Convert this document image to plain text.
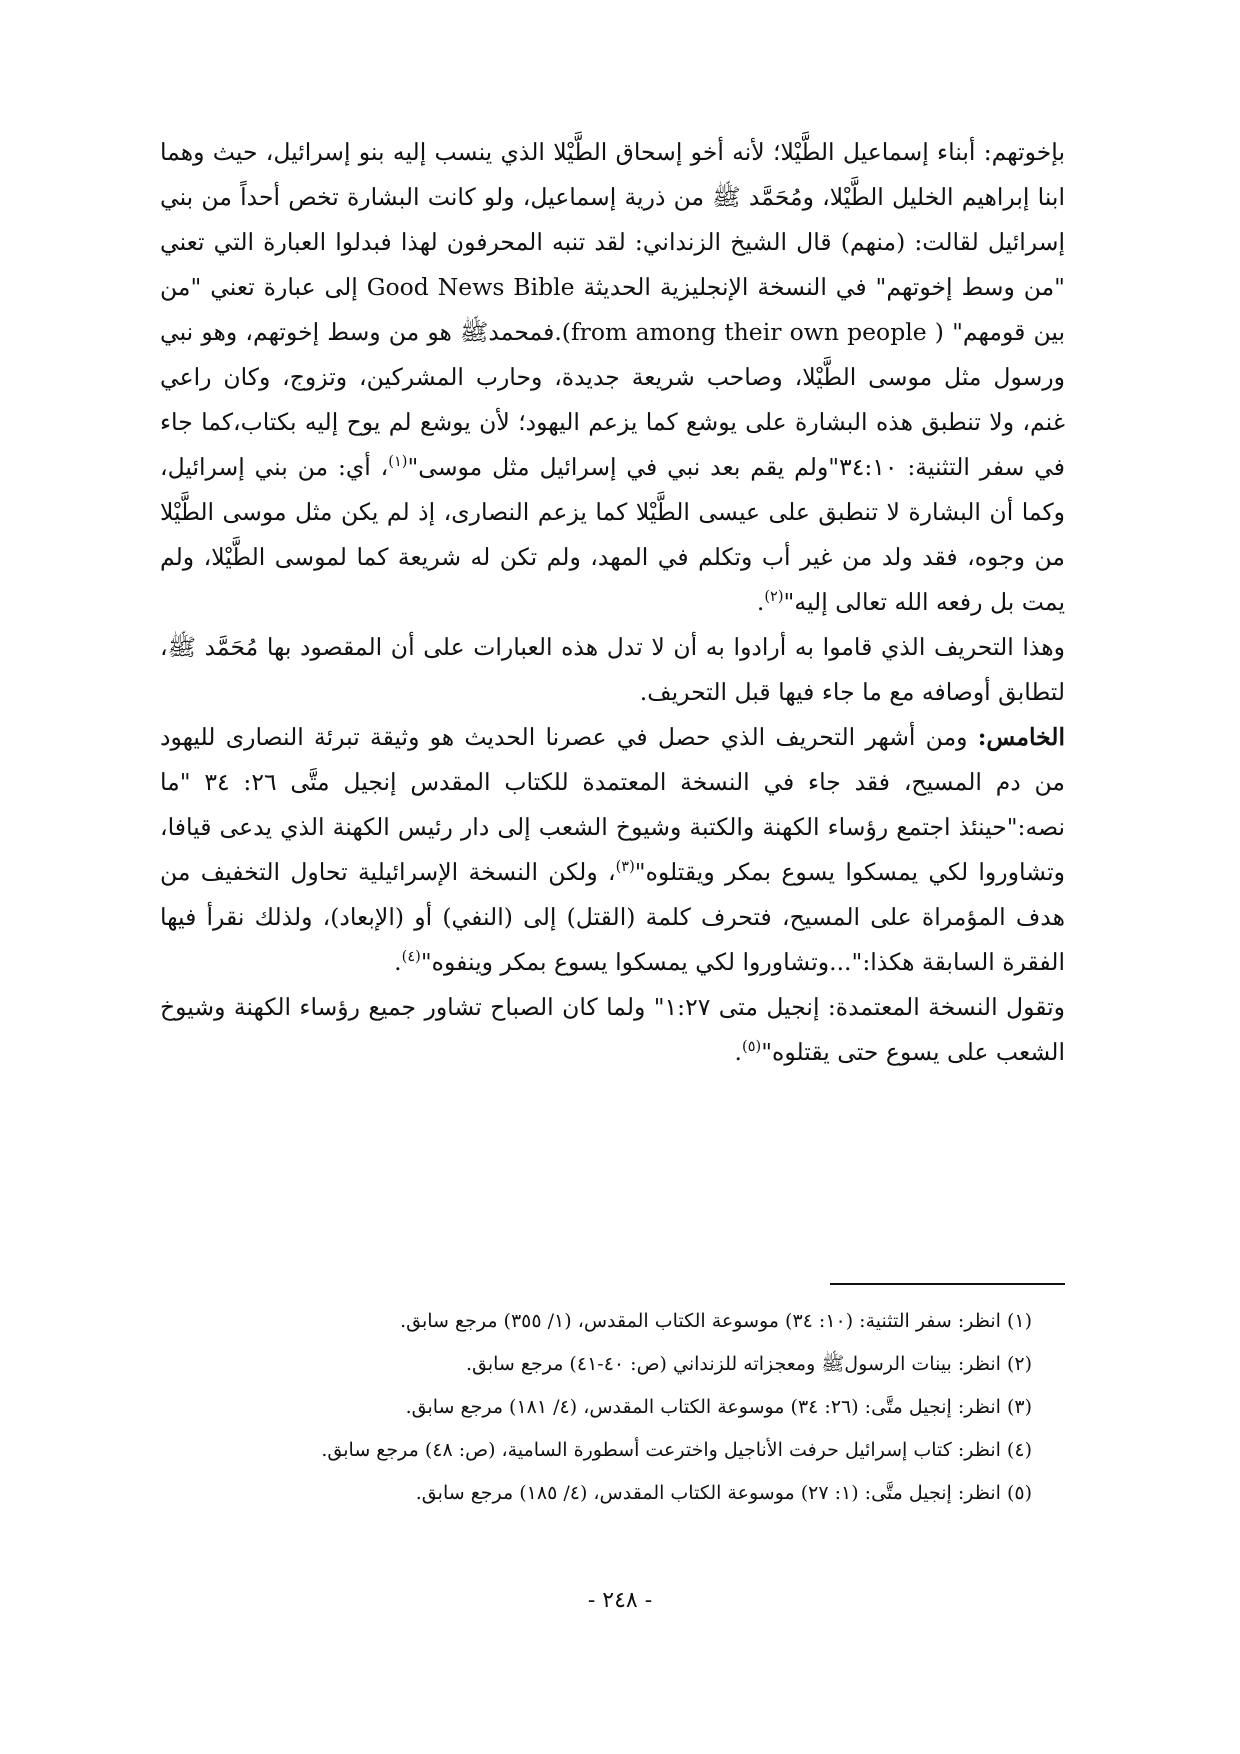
بإخوتهم: أبناء إسماعيل الطَّيْلا؛ لأنه أخو إسحاق الطَّيْلا الذي ينسب إليه بنو إسرائيل، حيث وهما ابنا إبراهيم الخليل الطَّيْلا، ومُحَمَّد ﷺ من ذرية إسماعيل، ولو كانت البشارة تخص أحداً من بني إسرائيل لقالت: (منهم) قال الشيخ الزنداني: لقد تنبه المحرفون لهذا فبدلوا العبارة التي تعني "من وسط إخوتهم" في النسخة الإنجليزية الحديثة Good News Bible إلى عبارة تعني "من بين قومهم" ( from among their own people).فمحمدﷺ هو من وسط إخوتهم، وهو نبي ورسول مثل موسى الطَّيْلا، وصاحب شريعة جديدة، وحارب المشركين، وتزوج، وكان راعي غنم، ولا تنطبق هذه البشارة على يوشع كما يزعم اليهود؛ لأن يوشع لم يوح إليه بكتاب،كما جاء في سفر التثنية: ٣٤:١٠"ولم يقم بعد نبي في إسرائيل مثل موسى"$^{(١)}$، أي: من بني إسرائيل، وكما أن البشارة لا تنطبق على عيسى الطَّيْلا كما يزعم النصارى، إذ لم يكن مثل موسى الطَّيْلا من وجوه، فقد ولد من غير أب وتكلم في المهد، ولم تكن له شريعة كما لموسى الطَّيْلا، ولم يمت بل رفعه الله تعالى إليه"$^{(٢)}$.

وهذا التحريف الذي قاموا به أرادوا به أن لا تدل هذه العبارات على أن المقصود بها مُحَمَّد ﷺ، لتطابق أوصافه مع ما جاء فيها قبل التحريف.

الخامس: ومن أشهر التحريف الذي حصل في عصرنا الحديث هو وثيقة تبرئة النصارى لليهود من دم المسيح، فقد جاء في النسخة المعتمدة للكتاب المقدس إنجيل متَّى ٢٦: ٣٤ "ما نصه:"حينئذ اجتمع رؤساء الكهنة والكتبة وشيوخ الشعب إلى دار رئيس الكهنة الذي يدعى قيافا، وتشاوروا لكي يمسكوا يسوع بمكر ويقتلوه"$^{(٣)}$، ولكن النسخة الإسرائيلية تحاول التخفيف من هدف المؤمراة على المسيح، فتحرف كلمة (القتل) إلى (النفي) أو (الإبعاد)، ولذلك نقرأ فيها الفقرة السابقة هكذا:"...وتشاوروا لكي يمسكوا يسوع بمكر وينفوه"$^{(٤)}$.

وتقول النسخة المعتمدة: إنجيل متى ١:٢٧" ولما كان الصباح تشاور جميع رؤساء الكهنة وشيوخ الشعب على يسوع حتى يقتلوه"$^{(٥)}$.

(١) انظر: سفر التثنية: (١٠: ٣٤) موسوعة الكتاب المقدس، (١/ ٣٥٥) مرجع سابق.

(٢) انظر: بينات الرسولﷺ ومعجزاته للزنداني (ص: ٤٠-٤١) مرجع سابق.

(٣) انظر: إنجيل متَّى: (٢٦: ٣٤) موسوعة الكتاب المقدس، (٤/ ١٨١) مرجع سابق.

(٤) انظر: كتاب إسرائيل حرفت الأناجيل واخترعت أسطورة السامية، (ص: ٤٨) مرجع سابق.

(٥) انظر: إنجيل متَّى: (١: ٢٧) موسوعة الكتاب المقدس، (٤/ ١٨٥) مرجع سابق.

- ٢٤٨ -
